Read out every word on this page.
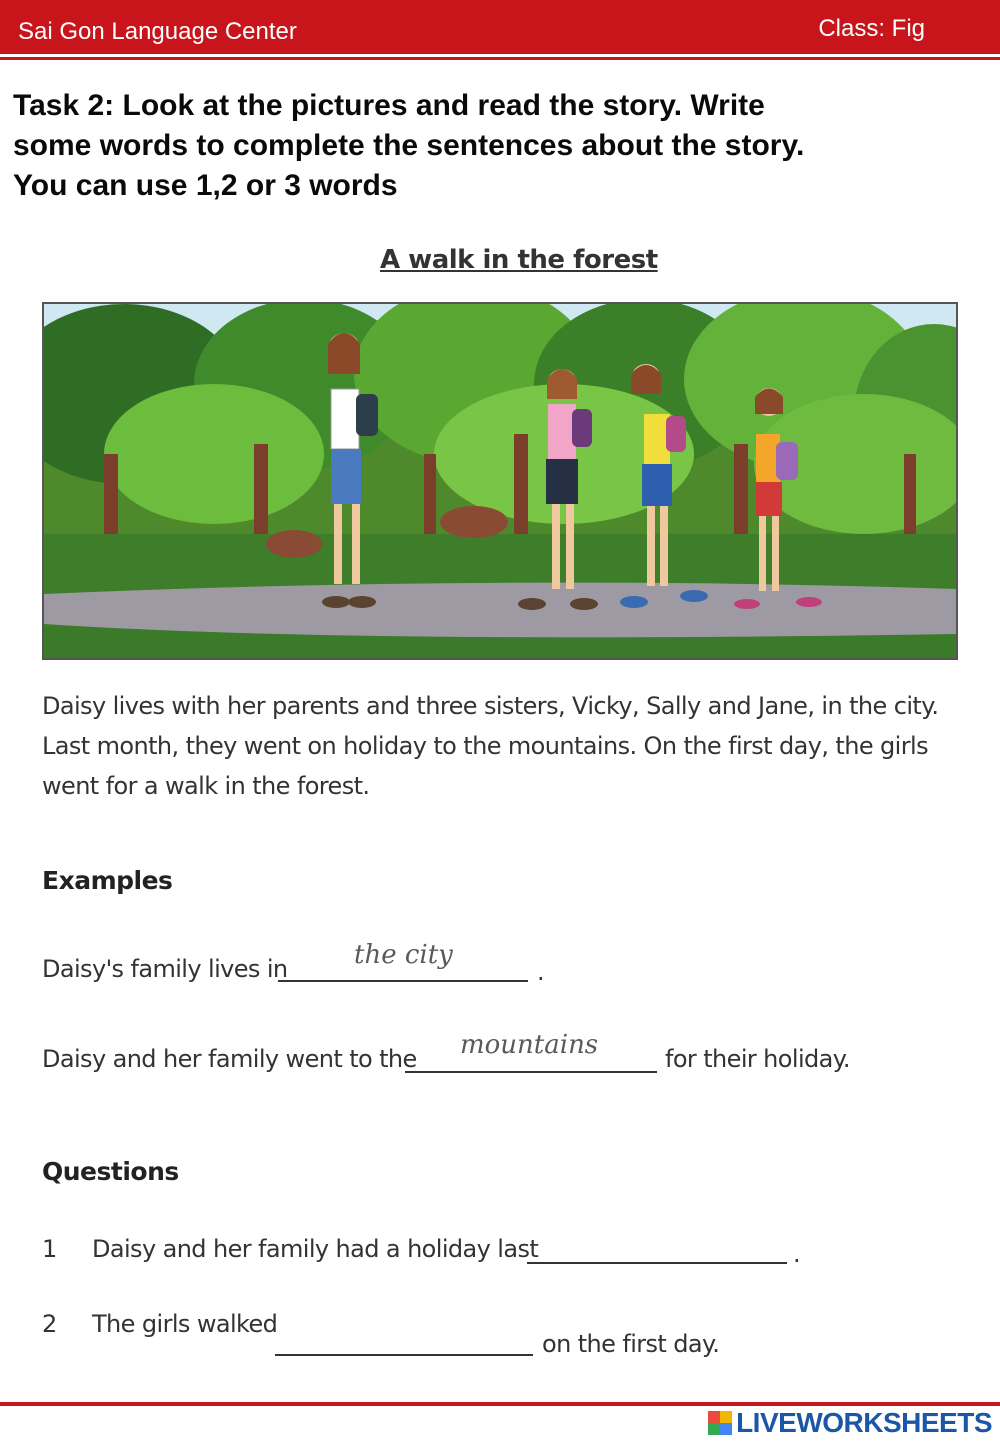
Sai Gon Language Center	Class: Fig

Task 2: Look at the pictures and read the story. Write

some words to complete the sentences about the story.

You can use 1,2 or 3 words

A walk in the forest

Daisy lives with her parents and three sisters, Vicky, Sally and Jane, in the city.

Last month, they went on holiday to the mountains. On the first day, the girls

went for a walk in the forest.

Examples
Daisy's family lives in	the city
.
Daisy and her family went to the mountains	for their holiday.
Questions
1 Daisy and her family had a holiday last	.
2 The girls walked
on the first day.
LIVEWORKSHEETS
